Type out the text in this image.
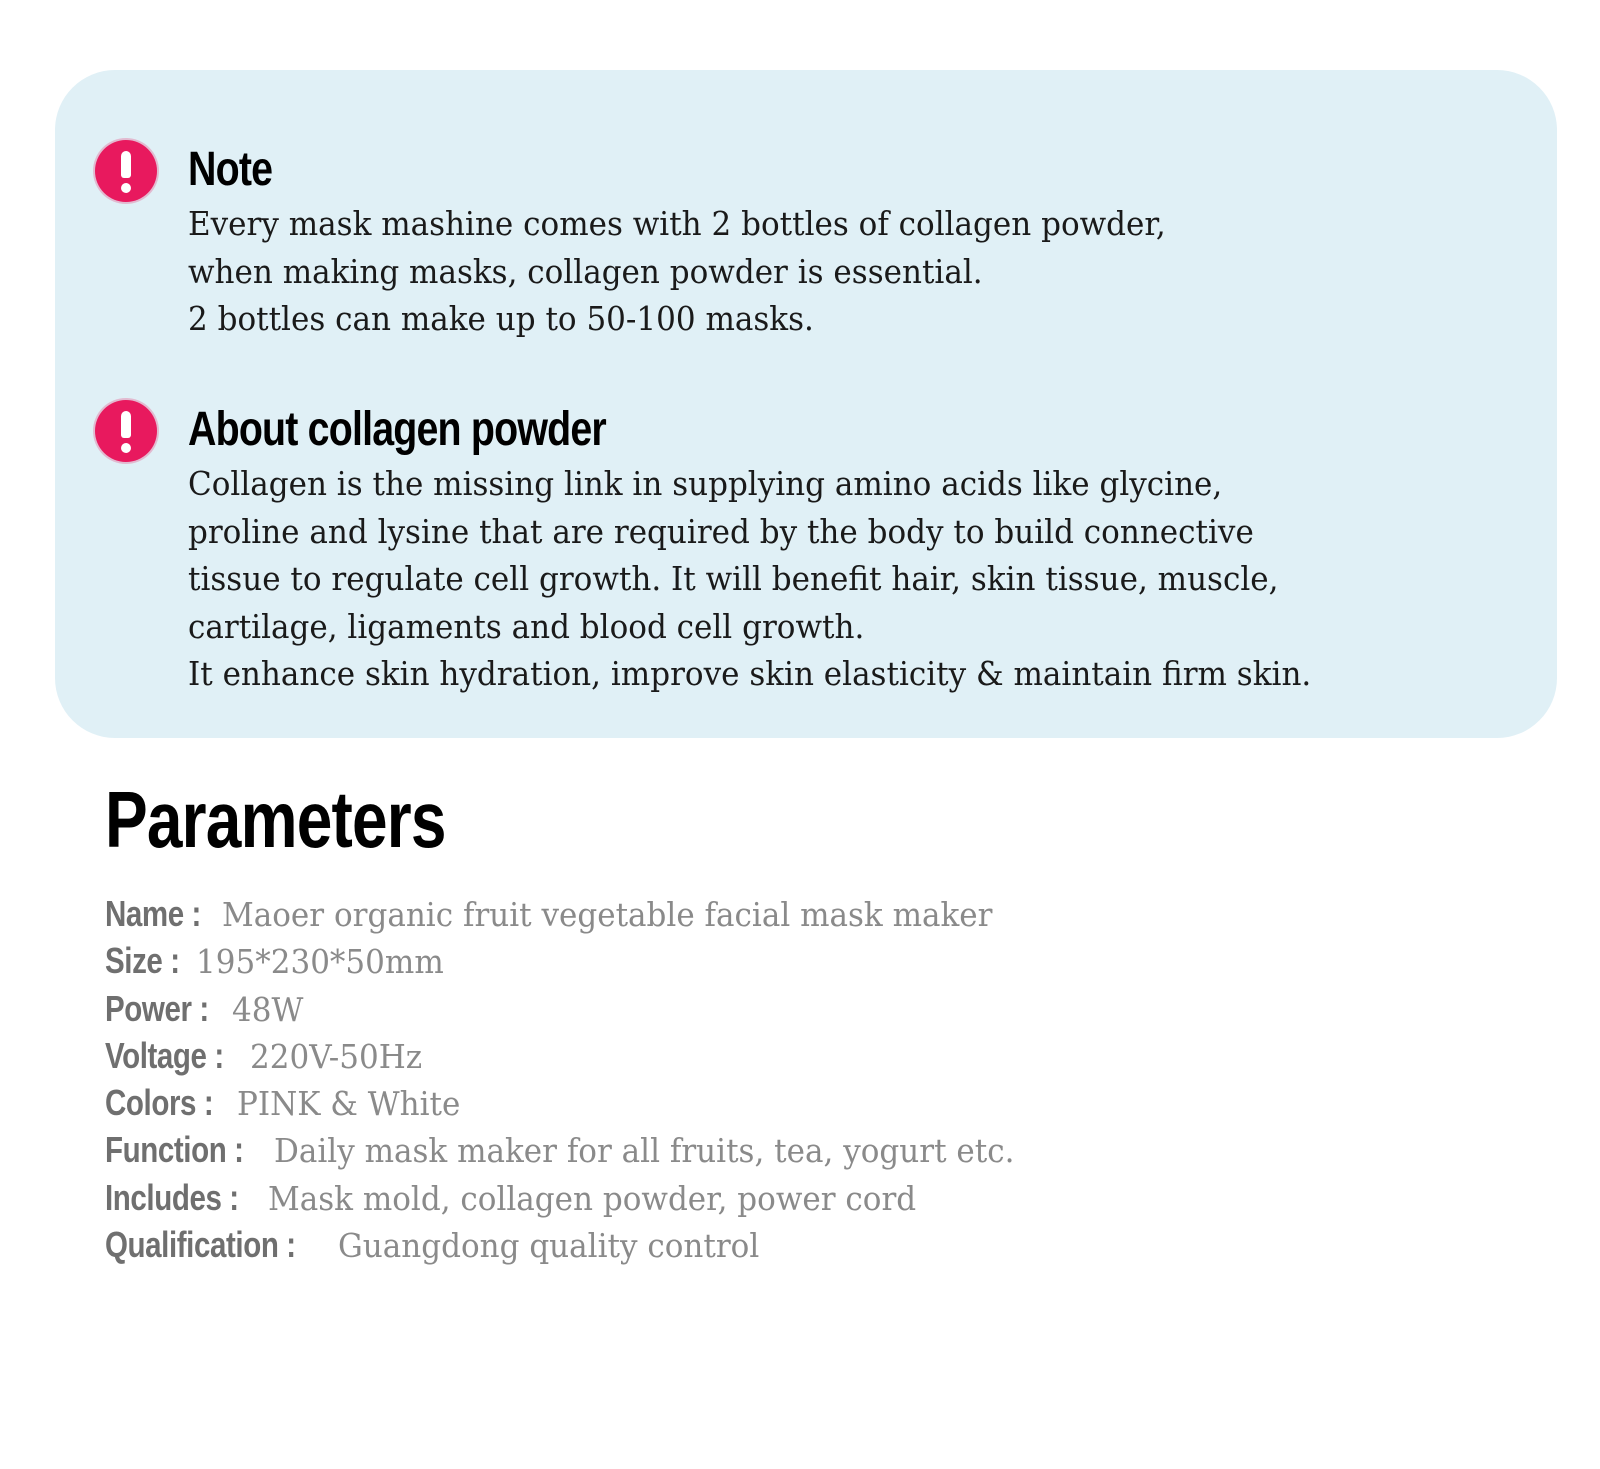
Note

Every mask mashine comes with 2 bottles of collagen powder,
when making masks, collagen powder is essential.
2 bottles can make up to 50-100 masks.

About collagen powder

Collagen is the missing link in supplying amino acids like glycine,
proline and lysine that are required by the body to build connective
tissue to regulate cell growth. It will benefit hair, skin tissue, muscle,
cartilage, ligaments and blood cell growth.
It enhance skin hydration, improve skin elasticity & maintain firm skin.

Parameters
Name : Maoer organic fruit vegetable facial mask maker
Size : 195*230*50mm
Power : 48W
Voltage : 220V-50Hz
Colors : PINK & White
Function : Daily mask maker for all fruits, tea, yogurt etc.
Includes : Mask mold, collagen powder, power cord
Qualification : Guangdong quality control
